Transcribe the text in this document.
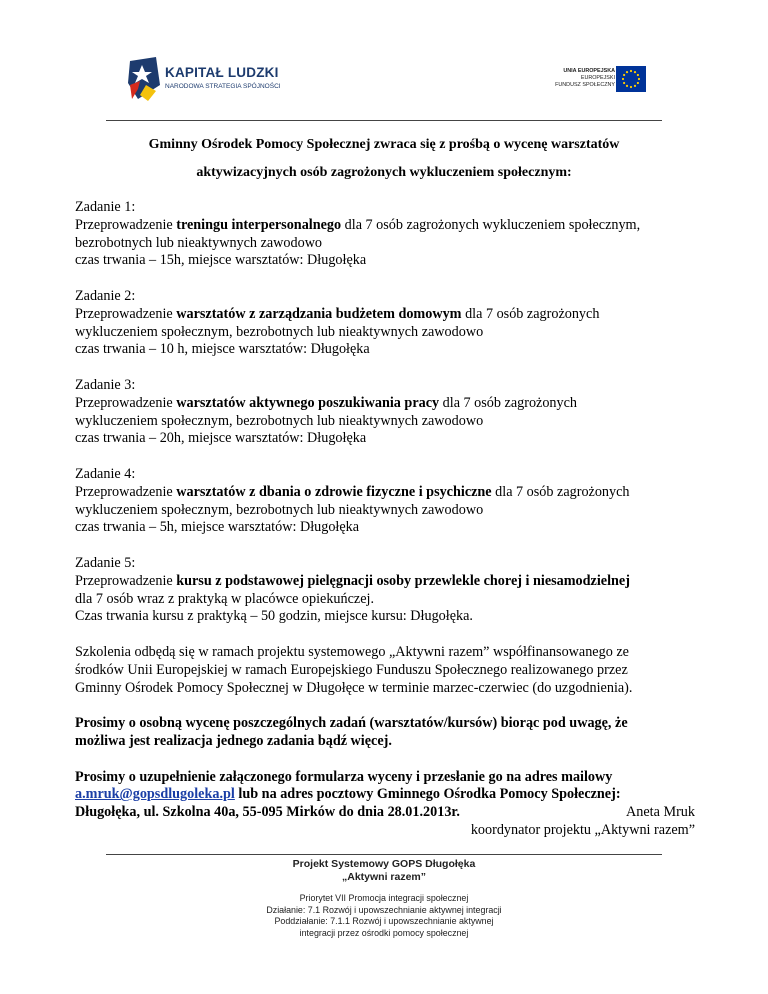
KAPITAŁ LUDZKI
NARODOWA STRATEGIA SPÓJNOŚCI
UNIA EUROPEJSKA
EUROPEJSKI
FUNDUSZ SPOŁECZNY
Gminny Ośrodek Pomocy Społecznej zwraca się z prośbą o wycenę warsztatów
aktywizacyjnych osób zagrożonych wykluczeniem społecznym:
Zadanie 1:
Przeprowadzenie treningu interpersonalnego dla 7 osób zagrożonych wykluczeniem społecznym,
bezrobotnych lub nieaktywnych zawodowo
czas trwania – 15h, miejsce warsztatów: Długołęka
Zadanie 2:
Przeprowadzenie warsztatów z zarządzania budżetem domowym dla 7 osób zagrożonych
wykluczeniem społecznym, bezrobotnych lub nieaktywnych zawodowo
czas trwania – 10 h, miejsce warsztatów: Długołęka
Zadanie 3:
Przeprowadzenie warsztatów aktywnego poszukiwania pracy dla 7 osób zagrożonych
wykluczeniem społecznym, bezrobotnych lub nieaktywnych zawodowo
czas trwania – 20h, miejsce warsztatów: Długołęka
Zadanie 4:
Przeprowadzenie warsztatów z dbania o zdrowie fizyczne i psychiczne dla 7 osób zagrożonych
wykluczeniem społecznym, bezrobotnych lub nieaktywnych zawodowo
czas trwania – 5h, miejsce warsztatów: Długołęka
Zadanie 5:
Przeprowadzenie kursu z podstawowej pielęgnacji osoby przewlekle chorej i niesamodzielnej
dla 7 osób wraz z praktyką w placówce opiekuńczej.
Czas trwania kursu z praktyką – 50 godzin, miejsce kursu: Długołęka.
Szkolenia odbędą się w ramach projektu systemowego „Aktywni razem” współfinansowanego ze
środków Unii Europejskiej w ramach Europejskiego Funduszu Społecznego realizowanego przez
Gminny Ośrodek Pomocy Społecznej w Długołęce w terminie marzec-czerwiec (do uzgodnienia).
Prosimy o osobną wycenę poszczególnych zadań (warsztatów/kursów) biorąc pod uwagę, że
możliwa jest realizacja jednego zadania bądź więcej.
Prosimy o uzupełnienie załączonego formularza wyceny i przesłanie go na adres mailowy
a.mruk@gopsdlugoleka.pl lub na adres pocztowy Gminnego Ośrodka Pomocy Społecznej:
Długołęka, ul. Szkolna 40a, 55-095 Mirków do dnia 28.01.2013r.	Aneta Mruk
koordynator projektu „Aktywni razem”
Projekt Systemowy GOPS Długołęka
„Aktywni razem”
Priorytet VII Promocja integracji społecznej
Działanie: 7.1 Rozwój i upowszechnianie aktywnej integracji
Poddziałanie: 7.1.1 Rozwój i upowszechnianie aktywnej
integracji przez ośrodki pomocy społecznej
